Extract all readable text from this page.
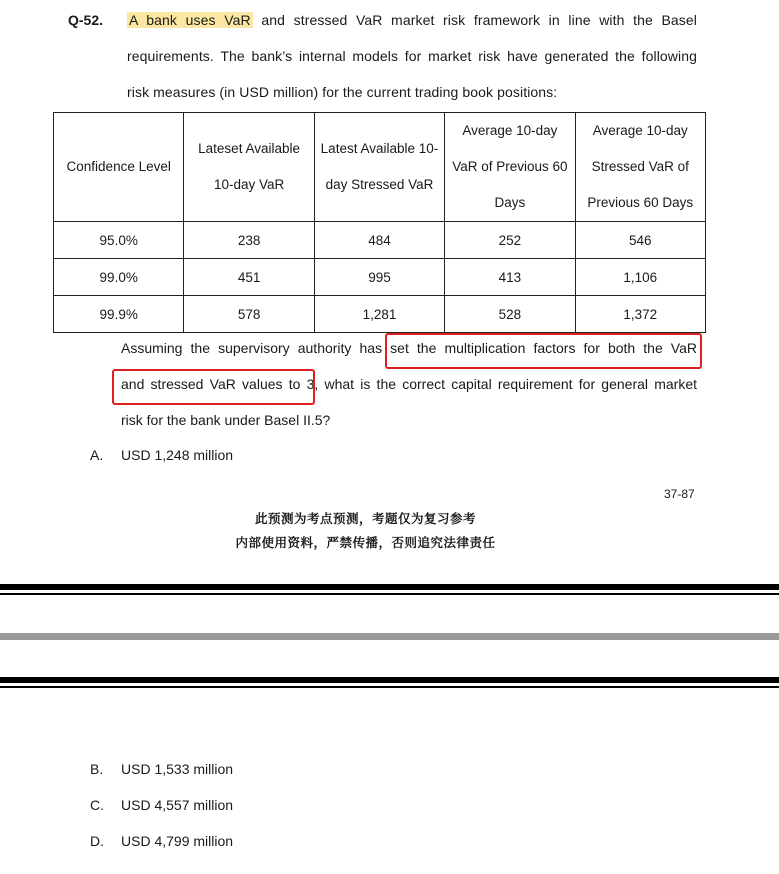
Q-52. A bank uses VaR and stressed VaR market risk framework in line with the Basel
requirements. The bank’s internal models for market risk have generated the following
risk measures (in USD million) for the current trading book positions:
Confidence Level	Lateset Available 10-day VaR	Latest Available 10-day Stressed VaR	Average 10-day VaR of Previous 60 Days	Average 10-day Stressed VaR of Previous 60 Days
95.0%	238	484	252	546
99.0%	451	995	413	1,106
99.9%	578	1,281	528	1,372
Assuming the supervisory authority has set the multiplication factors for both the VaR
and stressed VaR values to 3, what is the correct capital requirement for general market
risk for the bank under Basel II.5?
A. USD 1,248 million
37-87
此预测为考点预测，考题仅为复习参考
内部使用资料，严禁传播，否则追究法律责任
B. USD 1,533 million
C. USD 4,557 million
D. USD 4,799 million
